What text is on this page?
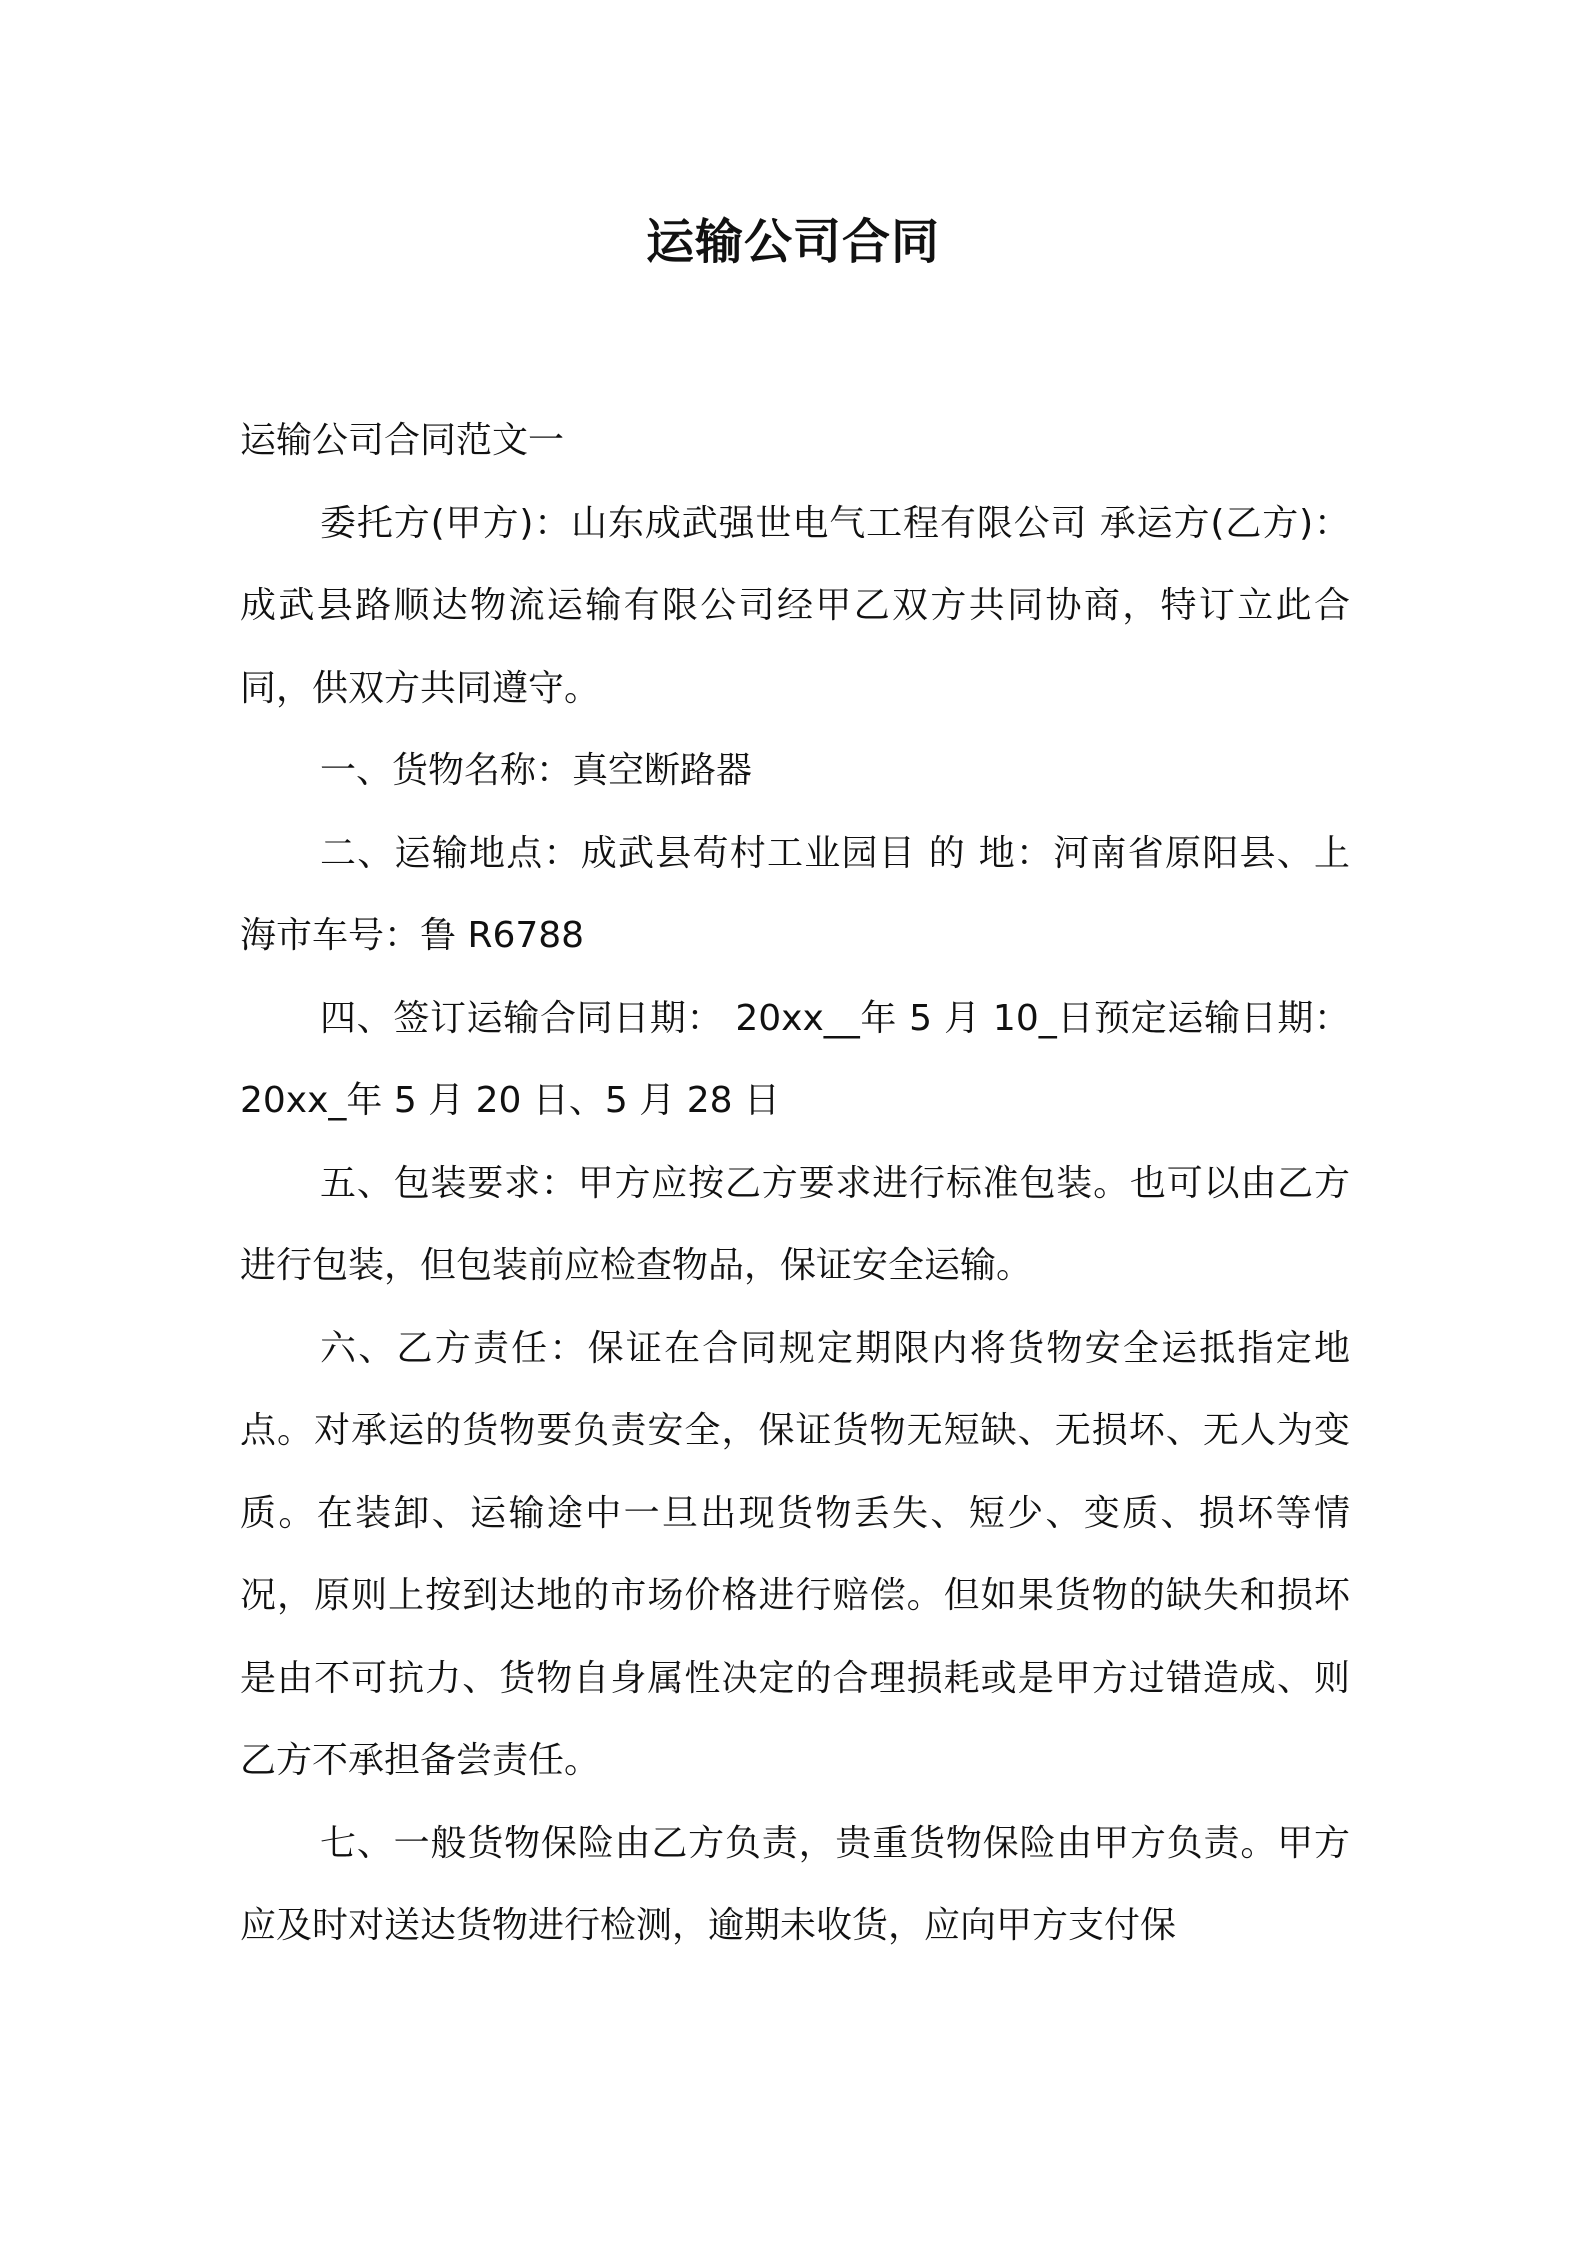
运输公司合同

运输公司合同范文一

委托方(甲方)：山东成武强世电气工程有限公司 承运方(乙方)：成武县路顺达物流运输有限公司经甲乙双方共同协商，特订立此合同，供双方共同遵守。

一、货物名称：真空断路器

二、运输地点：成武县苟村工业园目 的 地：河南省原阳县、上海市车号：鲁 R6788

四、签订运输合同日期： 20xx__年 5 月 10_日预定运输日期：20xx_年 5 月 20 日、5 月 28 日

五、包装要求：甲方应按乙方要求进行标准包装。也可以由乙方进行包装，但包装前应检查物品，保证安全运输。

六、乙方责任：保证在合同规定期限内将货物安全运抵指定地点。对承运的货物要负责安全，保证货物无短缺、无损坏、无人为变质。在装卸、运输途中一旦出现货物丢失、短少、变质、损坏等情况，原则上按到达地的市场价格进行赔偿。但如果货物的缺失和损坏是由不可抗力、货物自身属性决定的合理损耗或是甲方过错造成、则乙方不承担备尝责任。

七、一般货物保险由乙方负责，贵重货物保险由甲方负责。甲方应及时对送达货物进行检测，逾期未收货，应向甲方支付保
